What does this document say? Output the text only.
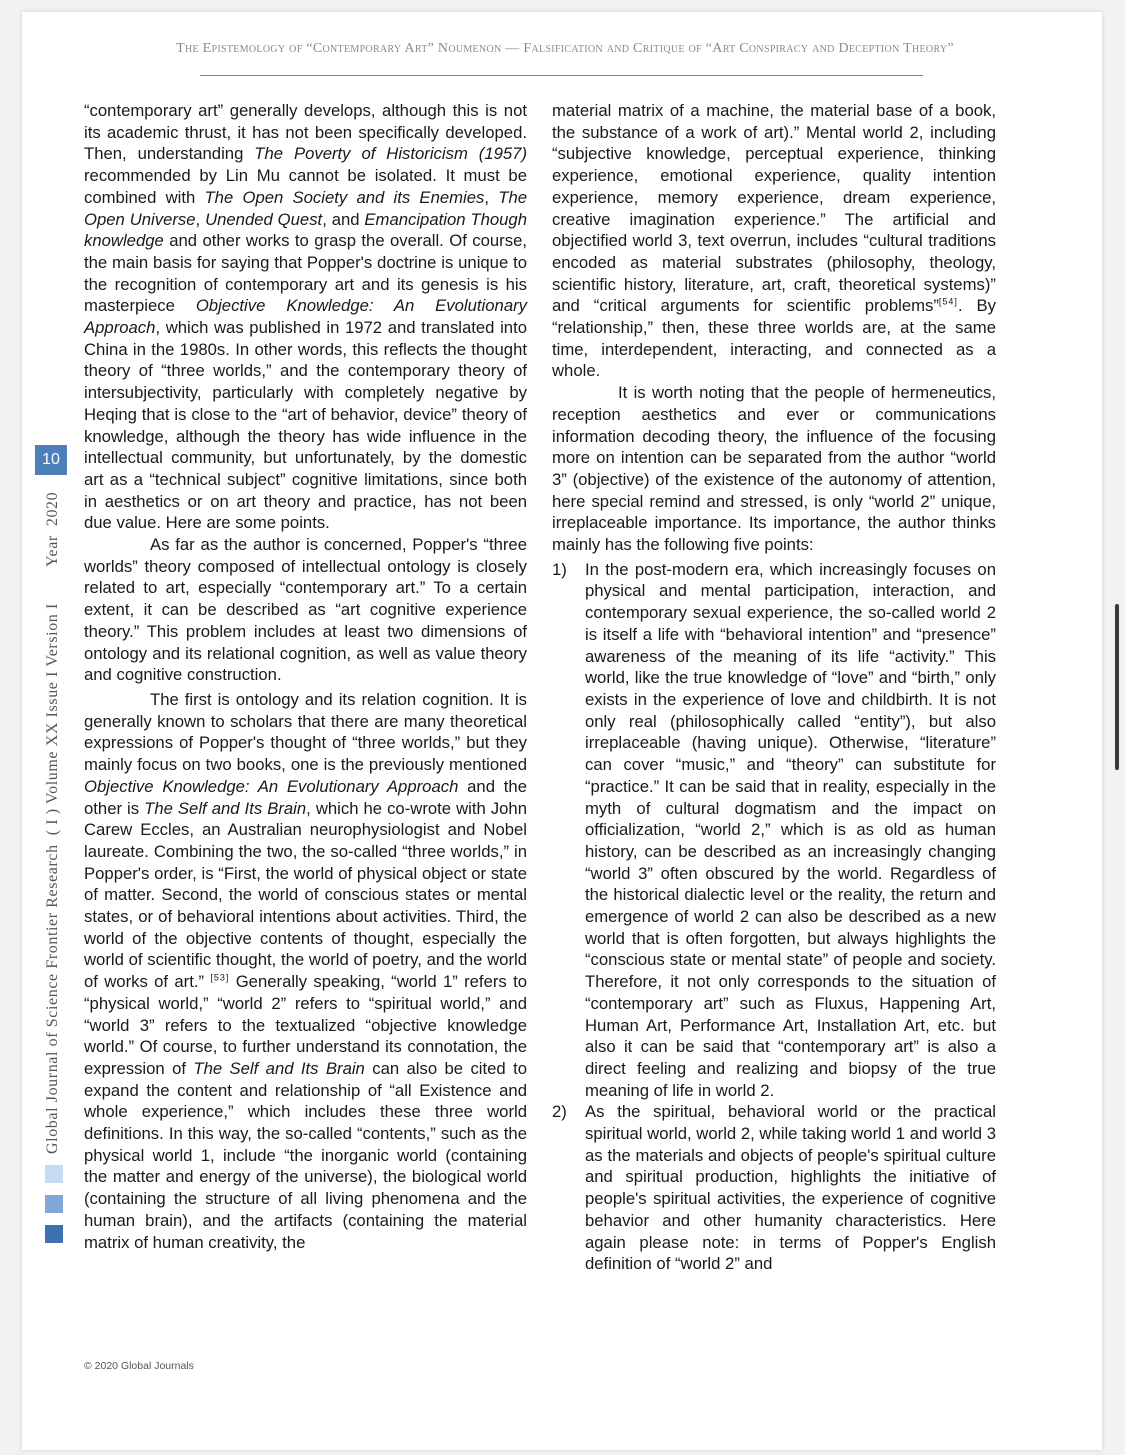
The Epistemology of “Contemporary Art” Noumenon — Falsification and Critique of “Art Conspiracy and Deception Theory”
Global Journal of Science Frontier Research( I ) Volume XX Issue I Version IYear2020
10

“contemporary art” generally develops, although this is not its academic thrust, it has not been specifically developed. Then, understanding The Poverty of Historicism (1957) recommended by Lin Mu cannot be isolated. It must be combined with The Open Society and its Enemies, The Open Universe, Unended Quest, and Emancipation Though knowledge and other works to grasp the overall. Of course, the main basis for saying that Popper's doctrine is unique to the recognition of contemporary art and its genesis is his masterpiece Objective Knowledge: An Evolutionary Approach, which was published in 1972 and translated into China in the 1980s. In other words, this reflects the thought theory of “three worlds,” and the contemporary theory of intersubjectivity, particularly with completely negative by Heqing that is close to the “art of behavior, device” theory of knowledge, although the theory has wide influence in the intellectual community, but unfortunately, by the domestic art as a “technical subject” cognitive limitations, since both in aesthetics or on art theory and practice, has not been due value. Here are some points.

As far as the author is concerned, Popper's “three worlds” theory composed of intellectual ontology is closely related to art, especially “contemporary art.” To a certain extent, it can be described as “art cognitive experience theory.” This problem includes at least two dimensions of ontology and its relational cognition, as well as value theory and cognitive construction.

The first is ontology and its relation cognition. It is generally known to scholars that there are many theoretical expressions of Popper's thought of “three worlds,” but they mainly focus on two books, one is the previously mentioned Objective Knowledge: An Evolutionary Approach and the other is The Self and Its Brain, which he co-wrote with John Carew Eccles, an Australian neurophysiologist and Nobel laureate. Combining the two, the so-called “three worlds,” in Popper's order, is “First, the world of physical object or state of matter. Second, the world of conscious states or mental states, or of behavioral intentions about activities. Third, the world of the objective contents of thought, especially the world of scientific thought, the world of poetry, and the world of works of art.” [53] Generally speaking, “world 1” refers to “physical world,” “world 2” refers to “spiritual world,” and “world 3” refers to the textualized “objective knowledge world.” Of course, to further understand its connotation, the expression of The Self and Its Brain can also be cited to expand the content and relationship of “all Existence and whole experience,” which includes these three world definitions. In this way, the so-called “contents,” such as the physical world 1, include “the inorganic world (containing the matter and energy of the universe), the biological world (containing the structure of all living phenomena and the human brain), and the artifacts (containing the material matrix of human creativity, the

material matrix of a machine, the material base of a book, the substance of a work of art).” Mental world 2, including “subjective knowledge, perceptual experience, thinking experience, emotional experience, quality intention experience, memory experience, dream experience, creative imagination experience.” The artificial and objectified world 3, text overrun, includes “cultural traditions encoded as material substrates (philosophy, theology, scientific history, literature, art, craft, theoretical systems)” and “critical arguments for scientific problems”[54]. By “relationship,” then, these three worlds are, at the same time, interdependent, interacting, and connected as a whole.

It is worth noting that the people of hermeneutics, reception aesthetics and ever or communications information decoding theory, the influence of the focusing more on intention can be separated from the author “world 3” (objective) of the existence of the autonomy of attention, here special remind and stressed, is only “world 2” unique, irreplaceable importance. Its importance, the author thinks mainly has the following five points:

1) In the post-modern era, which increasingly focuses on physical and mental participation, interaction, and contemporary sexual experience, the so-called world 2 is itself a life with “behavioral intention” and “presence” awareness of the meaning of its life “activity.” This world, like the true knowledge of “love” and “birth,” only exists in the experience of love and childbirth. It is not only real (philosophically called “entity”), but also irreplaceable (having unique). Otherwise, “literature” can cover “music,” and “theory” can substitute for “practice.” It can be said that in reality, especially in the myth of cultural dogmatism and the impact on officialization, “world 2,” which is as old as human history, can be described as an increasingly changing “world 3” often obscured by the world. Regardless of the historical dialectic level or the reality, the return and emergence of world 2 can also be described as a new world that is often forgotten, but always highlights the “conscious state or mental state” of people and society. Therefore, it not only corresponds to the situation of “contemporary art” such as Fluxus, Happening Art, Human Art, Performance Art, Installation Art, etc. but also it can be said that “contemporary art” is also a direct feeling and realizing and biopsy of the true meaning of life in world 2.

2) As the spiritual, behavioral world or the practical spiritual world, world 2, while taking world 1 and world 3 as the materials and objects of people's spiritual culture and spiritual production, highlights the initiative of people's spiritual activities, the experience of cognitive behavior and other humanity characteristics. Here again please note: in terms of Popper's English definition of “world 2” and

© 2020 Global Journals
